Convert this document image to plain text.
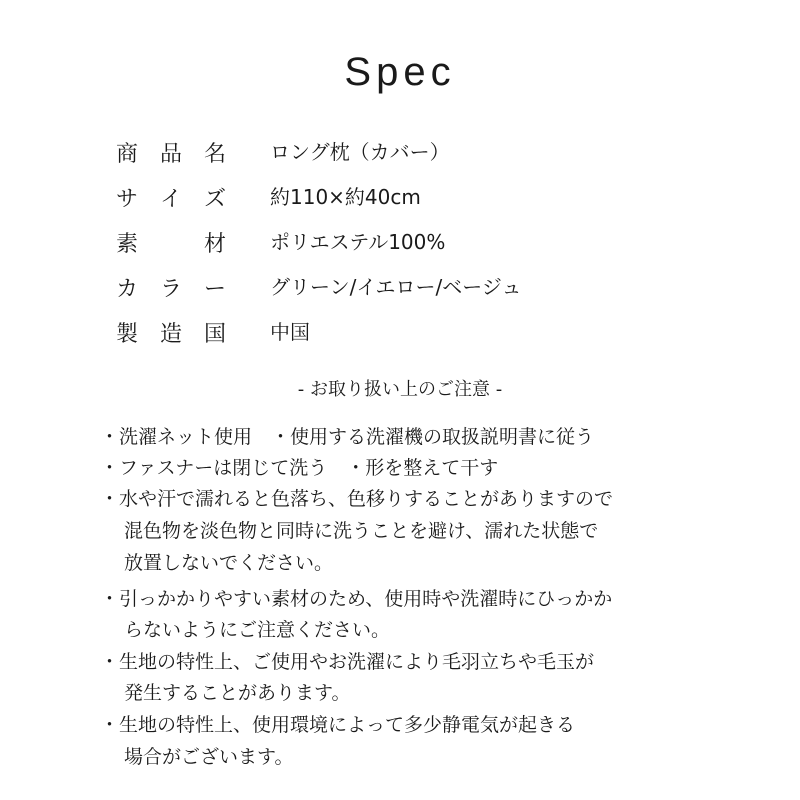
Spec
商 品 名 ロング枕（カバー）
サ イ ズ 約110×約40cm
素	材 ポリエステル100%
カ ラ ー グリーン/イエロー/ベージュ
製 造 国 中国
- お取り扱い上のご注意 -
・洗濯ネット使用　・使用する洗濯機の取扱説明書に従う
・ファスナーは閉じて洗う　・形を整えて干す
・水や汗で濡れると色落ち、色移りすることがありますので
混色物を淡色物と同時に洗うことを避け、濡れた状態で
放置しないでください。
・引っかかりやすい素材のため、使用時や洗濯時にひっかか
らないようにご注意ください。
・生地の特性上、ご使用やお洗濯により毛羽立ちや毛玉が
発生することがあります。
・生地の特性上、使用環境によって多少静電気が起きる
場合がございます。
